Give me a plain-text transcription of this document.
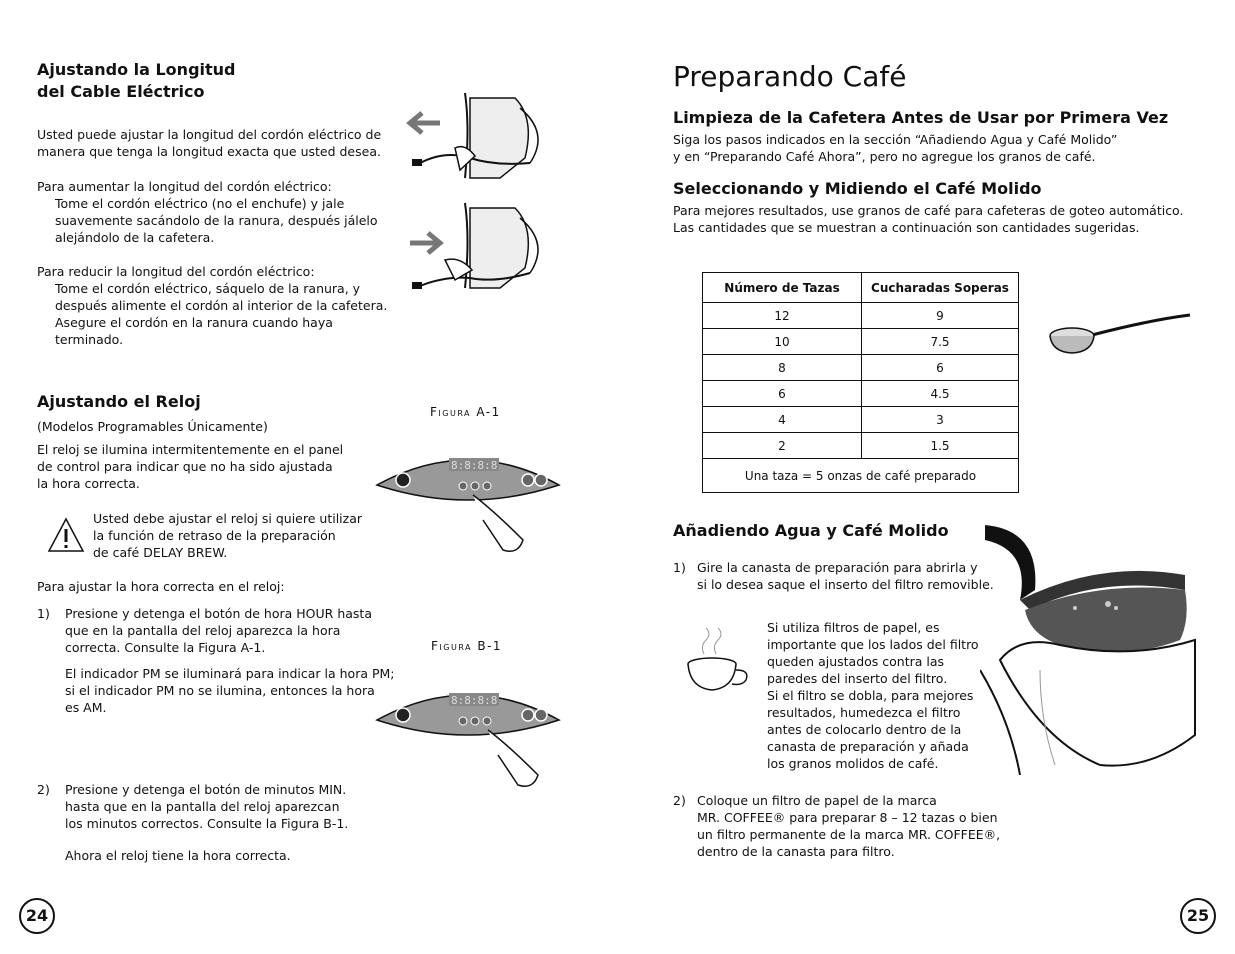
Ajustando la Longitud
del Cable Eléctrico
Usted puede ajustar la longitud del cordón eléctrico de
manera que tenga la longitud exacta que usted desea.
Para aumentar la longitud del cordón eléctrico:
Tome el cordón eléctrico (no el enchufe) y jale
suavemente sacándolo de la ranura, después jálelo
alejándolo de la cafetera.
Para reducir la longitud del cordón eléctrico:
Tome el cordón eléctrico, sáquelo de la ranura, y
después alimente el cordón al interior de la cafetera.
Asegure el cordón en la ranura cuando haya
terminado.
Ajustando el Reloj
(Modelos Programables Únicamente)
El reloj se ilumina intermitentemente en el panel
de control para indicar que no ha sido ajustada
la hora correcta.
Usted debe ajustar el reloj si quiere utilizar
la función de retraso de la preparación
de café DELAY BREW.
Para ajustar la hora correcta en el reloj:
1) Presione y detenga el botón de hora HOUR hasta
que en la pantalla del reloj aparezca la hora
correcta. Consulte la Figura A-1.
El indicador PM se iluminará para indicar la hora PM;
si el indicador PM no se ilumina, entonces la hora
es AM.
2) Presione y detenga el botón de minutos MIN.
hasta que en la pantalla del reloj aparezcan
los minutos correctos. Consulte la Figura B-1.
Ahora el reloj tiene la hora correcta.
Figura A-1
Figura B-1
8:8:8:8
8:8:8:8
24
Preparando Café
Limpieza de la Cafetera Antes de Usar por Primera Vez
Siga los pasos indicados en la sección “Añadiendo Agua y Café Molido”
y en “Preparando Café Ahora”, pero no agregue los granos de café.
Seleccionando y Midiendo el Café Molido
Para mejores resultados, use granos de café para cafeteras de goteo automático.
Las cantidades que se muestran a continuación son cantidades sugeridas.
Número de Tazas	Cucharadas Soperas
12	9
10	7.5
8	6
6	4.5
4	3
2	1.5
Una taza = 5 onzas de café preparado	
Añadiendo Agua y Café Molido
1) Gire la canasta de preparación para abrirla y
si lo desea saque el inserto del filtro removible.
Si utiliza filtros de papel, es
importante que los lados del filtro
queden ajustados contra las
paredes del inserto del filtro.
Si el filtro se dobla, para mejores
resultados, humedezca el filtro
antes de colocarlo dentro de la
canasta de preparación y añada
los granos molidos de café.
2) Coloque un filtro de papel de la marca
MR. COFFEE® para preparar 8 – 12 tazas o bien
un filtro permanente de la marca MR. COFFEE®,
dentro de la canasta para filtro.
25
